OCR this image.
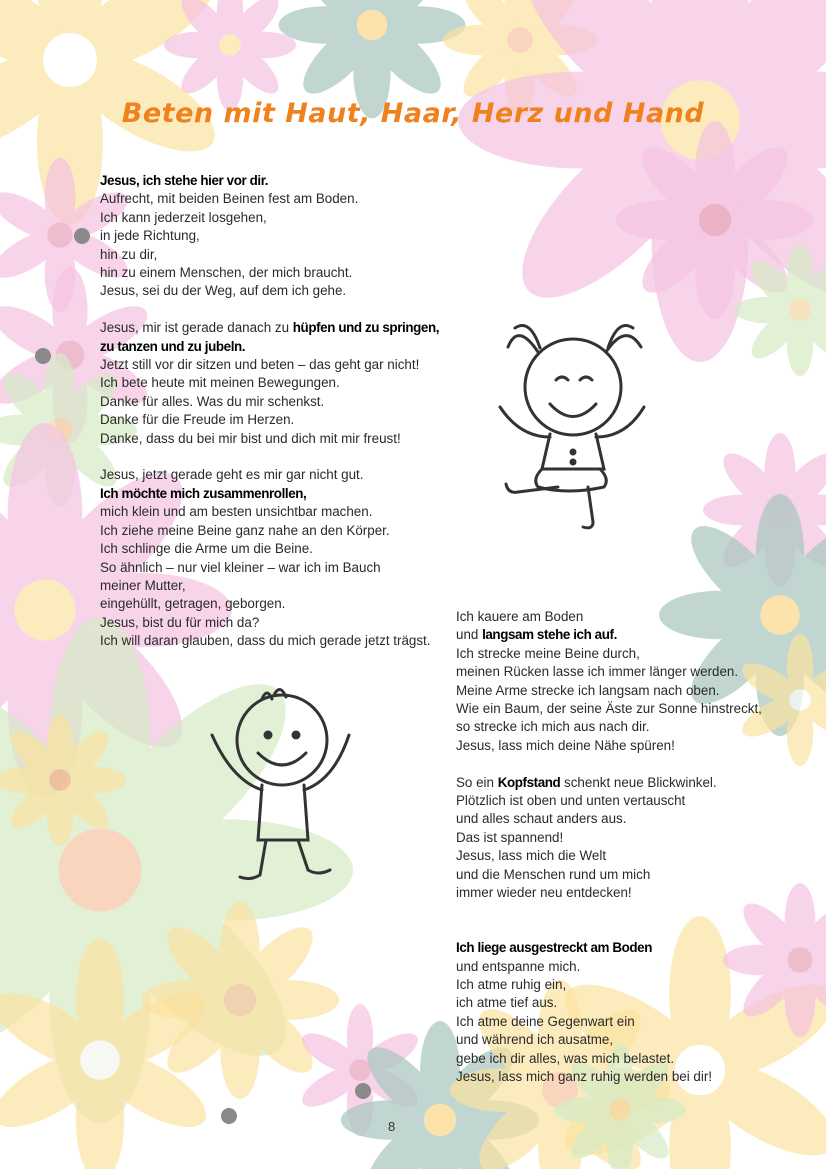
Beten mit Haut, Haar, Herz und Hand
Jesus, ich stehe hier vor dir.
Aufrecht, mit beiden Beinen fest am Boden.
Ich kann jederzeit losgehen,
in jede Richtung,
hin zu dir,
hin zu einem Menschen, der mich braucht.
Jesus, sei du der Weg, auf dem ich gehe.
Jesus, mir ist gerade danach zu hüpfen und zu springen,
zu tanzen und zu jubeln.
Jetzt still vor dir sitzen und beten – das geht gar nicht!
Ich bete heute mit meinen Bewegungen.
Danke für alles. Was du mir schenkst.
Danke für die Freude im Herzen.
Danke, dass du bei mir bist und dich mit mir freust!
Jesus, jetzt gerade geht es mir gar nicht gut.
Ich möchte mich zusammenrollen,
mich klein und am besten unsichtbar machen.
Ich ziehe meine Beine ganz nahe an den Körper.
Ich schlinge die Arme um die Beine.
So ähnlich – nur viel kleiner – war ich im Bauch
meiner Mutter,
eingehüllt, getragen, geborgen.
Jesus, bist du für mich da?
Ich will daran glauben, dass du mich gerade jetzt trägst.
Ich kauere am Boden
und langsam stehe ich auf.
Ich strecke meine Beine durch,
meinen Rücken lasse ich immer länger werden.
Meine Arme strecke ich langsam nach oben.
Wie ein Baum, der seine Äste zur Sonne hinstreckt,
so strecke ich mich aus nach dir.
Jesus, lass mich deine Nähe spüren!
So ein Kopfstand schenkt neue Blickwinkel.
Plötzlich ist oben und unten vertauscht
und alles schaut anders aus.
Das ist spannend!
Jesus, lass mich die Welt
und die Menschen rund um mich
immer wieder neu entdecken!
Ich liege ausgestreckt am Boden
und entspanne mich.
Ich atme ruhig ein,
ich atme tief aus.
Ich atme deine Gegenwart ein
und während ich ausatme,
gebe ich dir alles, was mich belastet.
Jesus, lass mich ganz ruhig werden bei dir!
8
